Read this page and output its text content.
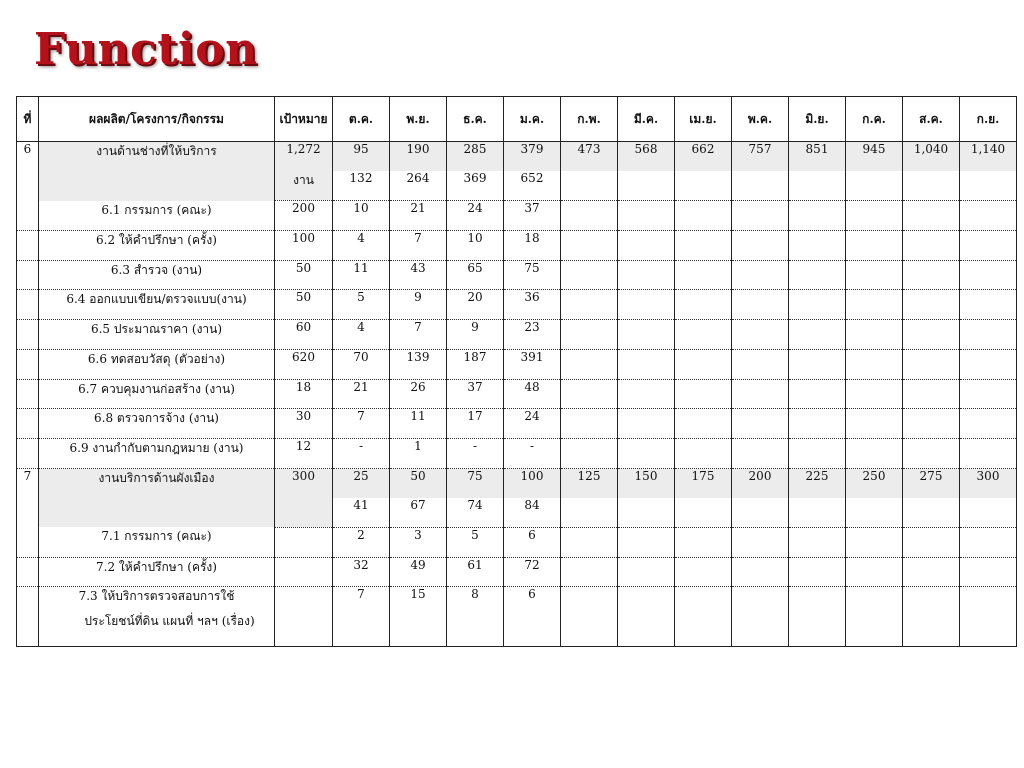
Function
ที่	ผลผลิต/โครงการ/กิจกรรม	เป้าหมาย	ต.ค.	พ.ย.	ธ.ค.	ม.ค.	ก.พ.	มี.ค.	เม.ย.	พ.ค.	มิ.ย.	ก.ค.	ส.ค.	ก.ย.
6	งานด้านช่างที่ให้บริการ	1,272	95	190	285	379	473	568	662	757	851	945	1,040	1,140
		งาน	132	264	369	652								

	6.1 กรรมการ (คณะ)	200	10	21	24	37								

	6.2 ให้คำปรึกษา (ครั้ง)	100	4	7	10	18								

	6.3 สำรวจ (งาน)	50	11	43	65	75								

	6.4 ออกแบบเขียน/ตรวจแบบ(งาน)	50	5	9	20	36								

	6.5 ประมาณราคา (งาน)	60	4	7	9	23								

	6.6 ทดสอบวัสดุ (ตัวอย่าง)	620	70	139	187	391								

	6.7 ควบคุมงานก่อสร้าง (งาน)	18	21	26	37	48								

	6.8 ตรวจการจ้าง (งาน)	30	7	11	17	24								

	6.9 งานกำกับตามกฎหมาย (งาน)	12	-	1	-	-								
7	งานบริการด้านผังเมือง	300	25	50	75	100	125	150	175	200	225	250	275	300
			41	67	74	84								

	7.1 กรรมการ (คณะ)		2	3	5	6								

	7.2 ให้คำปรึกษา (ครั้ง)		32	49	61	72								

	7.3 ให้บริการตรวจสอบการใช้
ประโยชน์ที่ดิน แผนที่ ฯลฯ (เรื่อง)		7	15	8	6								
